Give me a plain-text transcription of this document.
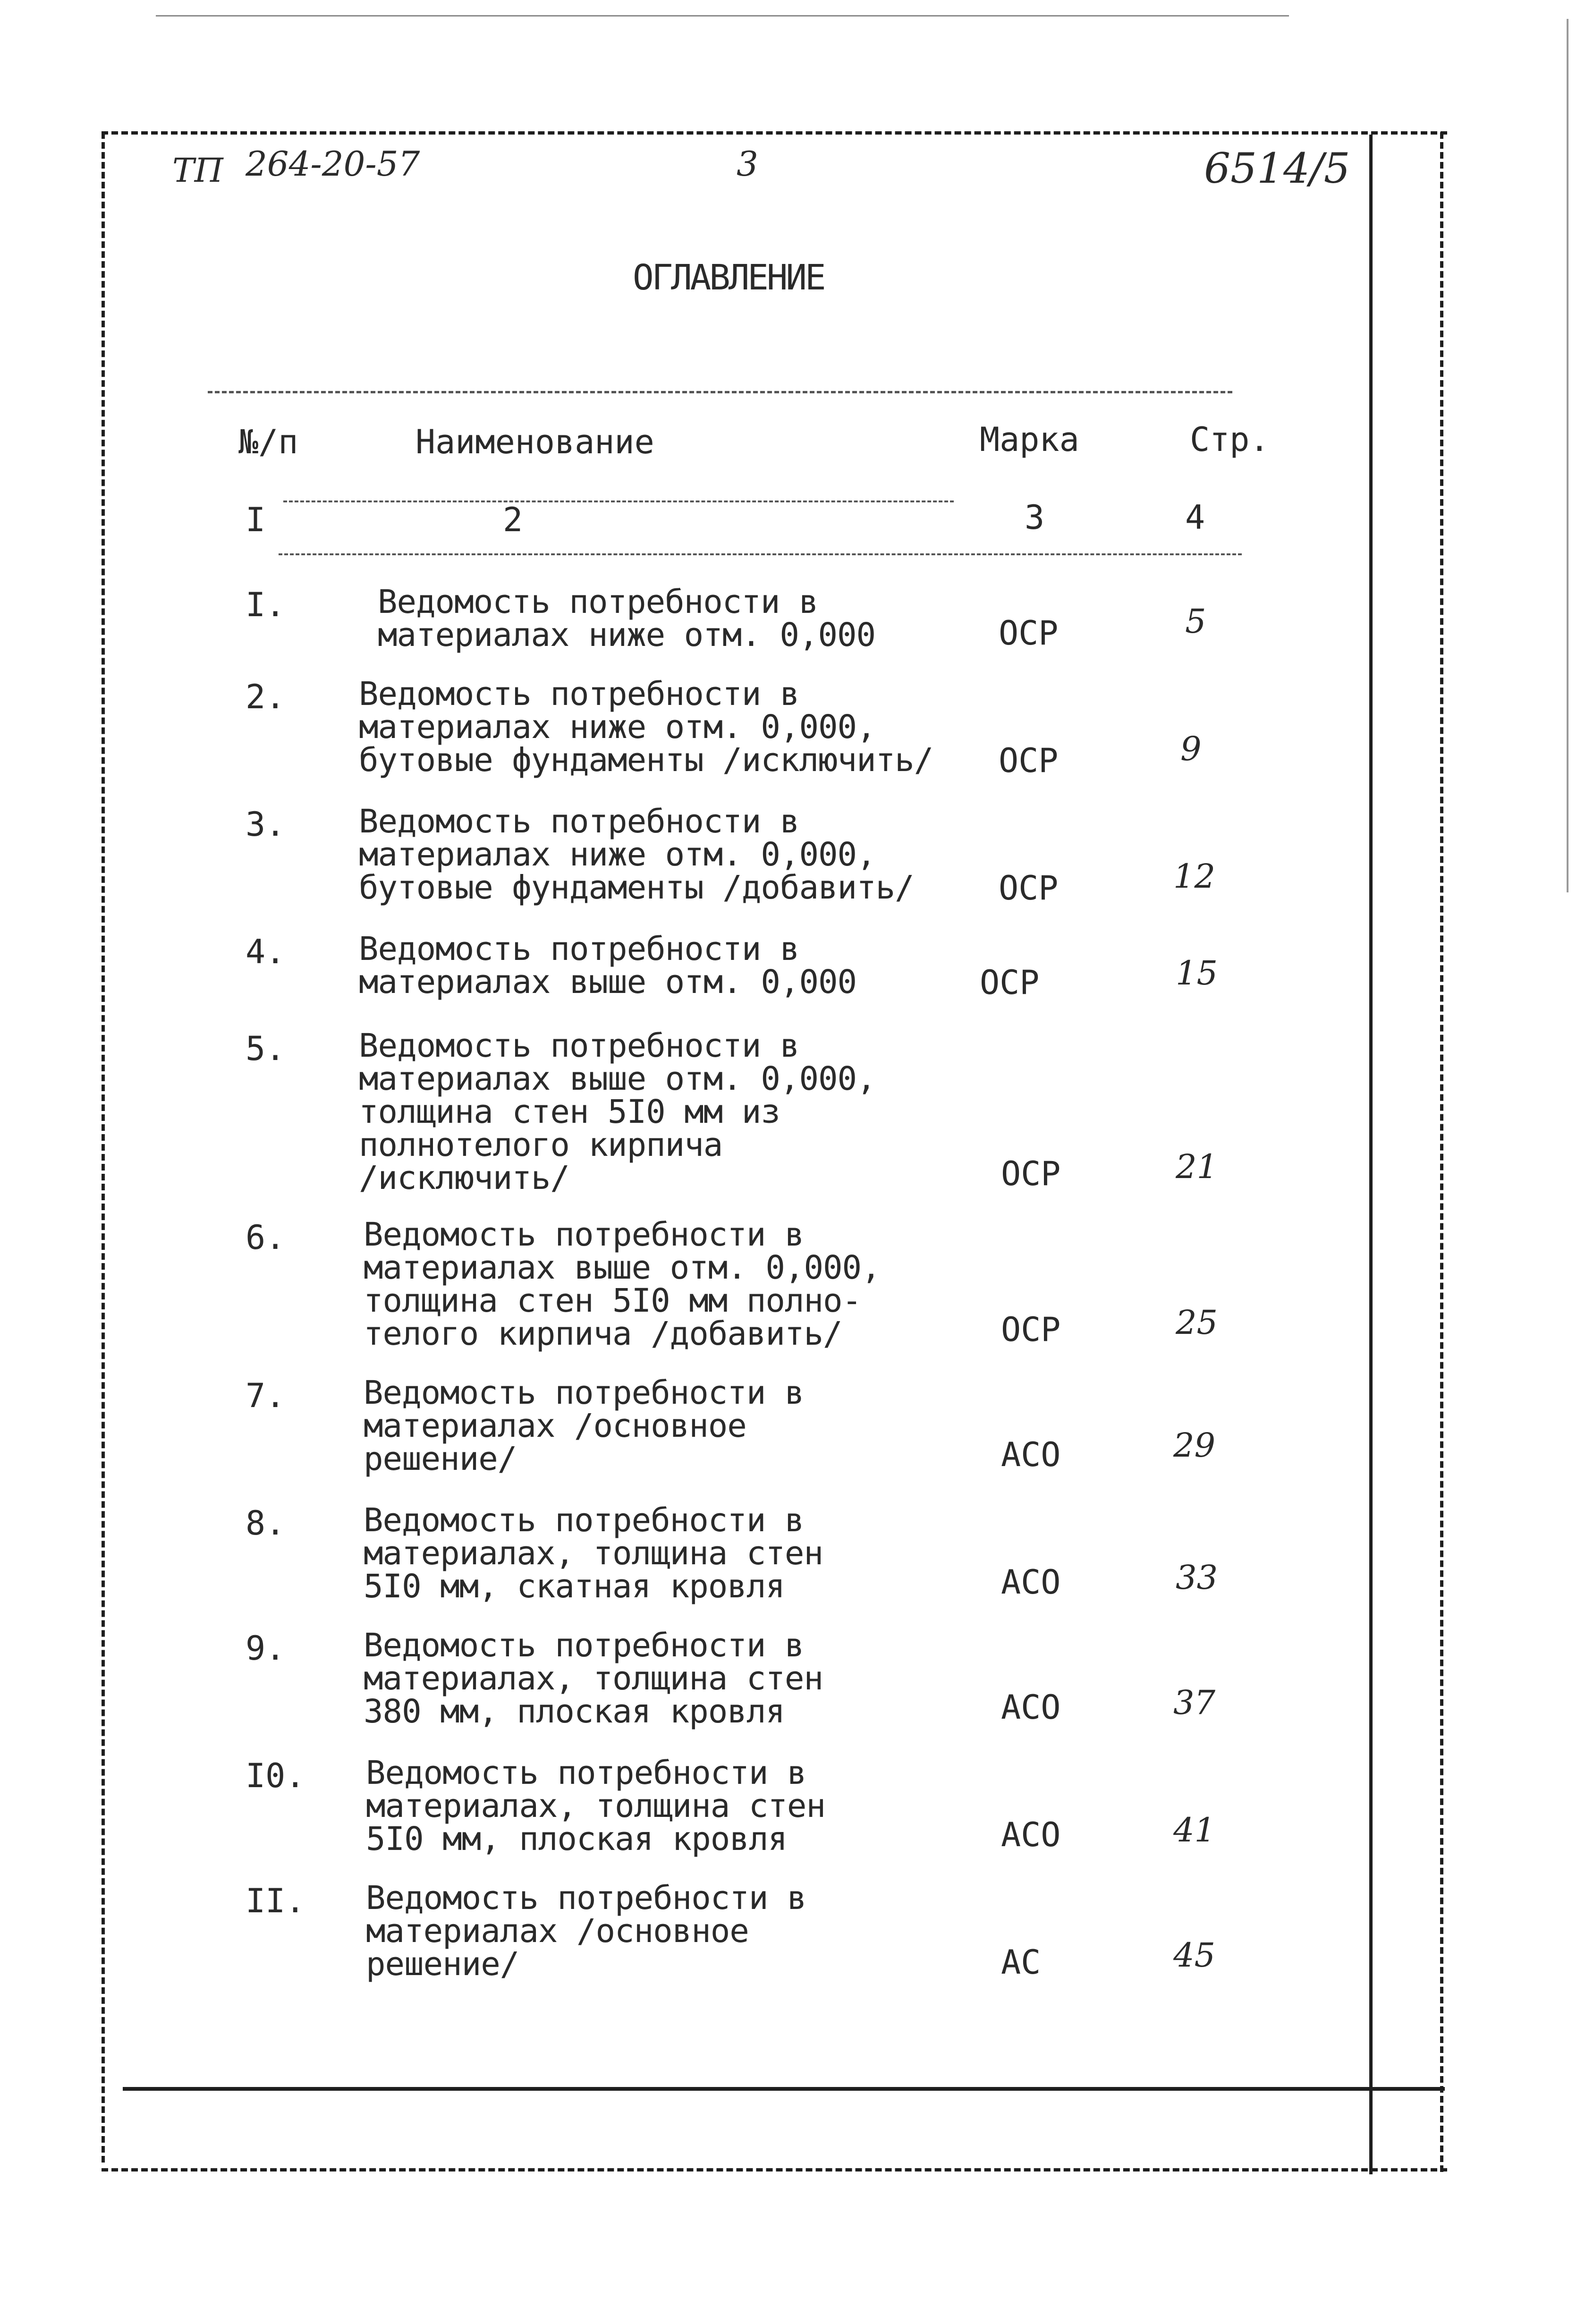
ТП 264-20-57	3	6514/5
ОГЛАВЛЕНИЕ
№/п	Наименование	Марка	Стр.
I	2	3	4
I.	Ведомость потребности в
материалах ниже отм. 0,000	ОСР	5
2. Ведомость потребности в
материалах ниже отм. 0,000,
бутовые фундаменты /исключить/ ОСР	9
3. Ведомость потребности в
материалах ниже отм. 0,000,
бутовые фундаменты /добавить/	ОСР	12
4. Ведомость потребности в
материалах выше отм. 0,000	ОСР	15
5. Ведомость потребности в
материалах выше отм. 0,000,
толщина стен 5I0 мм из
полнотелого кирпича
/исключить/	ОСР	21
6. Ведомость потребности в
материалах выше отм. 0,000,
толщина стен 5I0 мм полно-
телого кирпича /добавить/	ОСР	25
7. Ведомость потребности в
материалах /основное
решение/	АСО	29
8. Ведомость потребности в
материалах, толщина стен
5I0 мм, скатная кровля	АСО	33
9. Ведомость потребности в
материалах, толщина стен
380 мм, плоская кровля	АСО	37
I0. Ведомость потребности в
материалах, толщина стен
5I0 мм, плоская кровля	АСО	41
II. Ведомость потребности в
материалах /основное
решение/	АС	45
